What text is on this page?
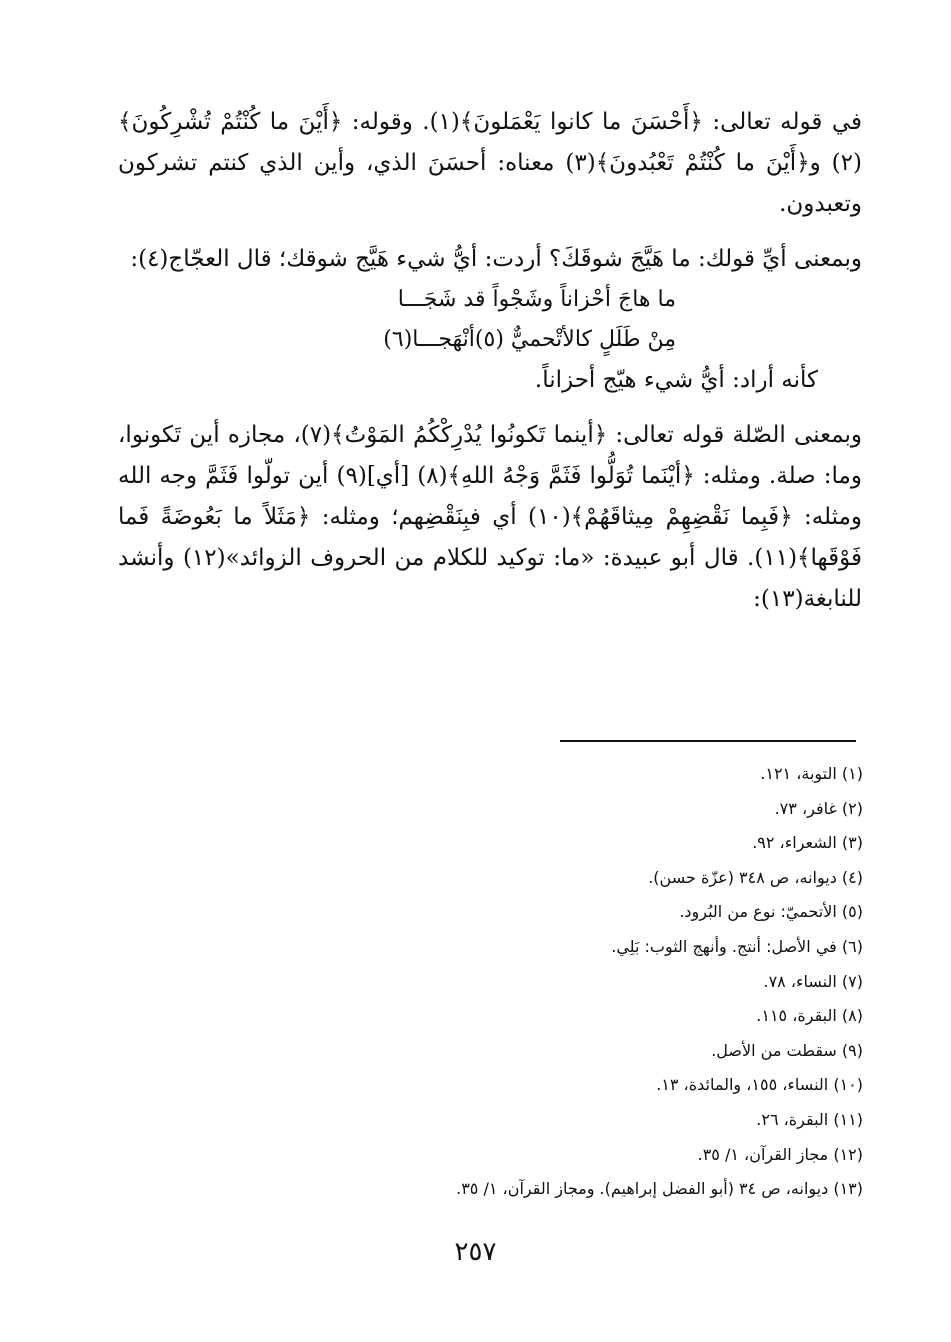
في قوله تعالى: ﴿أَحْسَنَ ما كانوا يَعْمَلونَ﴾(١). وقوله: ﴿أَيْنَ ما كُنْتُمْ تُشْرِكُونَ﴾(٢) و﴿أَيْنَ ما كُنْتُمْ تَعْبُدونَ﴾(٣) معناه: أحسَنَ الذي، وأين الذي كنتم تشركون وتعبدون.

وبمعنى أيِّ قولك: ما هَيَّجَ شوقَكَ؟ أردت: أيُّ شيء هَيَّج شوقك؛ قال العجّاج(٤):

ما هاجَ أحْزاناً وشَجْواً قد شَجَـــا
مِنْ طَلَلٍ كالأتْحميٌّ (٥)أنْهَجـــا(٦)

كأنه أراد: أيُّ شيء هيّج أحزاناً.

وبمعنى الصّلة قوله تعالى: ﴿أينما تَكونُوا يُدْرِكْكُمُ المَوْتُ﴾(٧)، مجازه أين تَكونوا، وما: صلة. ومثله: ﴿أيْنَما تُوَلُّوا فَثَمَّ وَجْهُ اللهِ﴾(٨) [أي](٩) أين تولّوا فَثَمَّ وجه الله ومثله: ﴿فَبِما نَقْضِهِمْ مِيثاقَهُمْ﴾(١٠) أي فبِنَقْضِهم؛ ومثله: ﴿مَثَلاً ما بَعُوضَةً فَما فَوْقَها﴾(١١). قال أبو عبيدة: «ما: توكيد للكلام من الحروف الزوائد»(١٢) وأنشد للنابغة(١٣):

(١) التوبة، ١٢١.
(٢) غافر، ٧٣.
(٣) الشعراء، ٩٢.
(٤) ديوانه، ص ٣٤٨ (عزّة حسن).
(٥) الأتحميّ: نوع من البُرود.
(٦) في الأصل: أنتج. وأنهج الثوب: بَلِي.
(٧) النساء، ٧٨.
(٨) البقرة، ١١٥.
(٩) سقطت من الأصل.
(١٠) النساء، ١٥٥، والمائدة، ١٣.
(١١) البقرة، ٢٦.
(١٢) مجاز القرآن، ١/ ٣٥.
(١٣) ديوانه، ص ٣٤ (أبو الفضل إبراهيم). ومجاز القرآن، ١/ ٣٥.
٢٥٧
